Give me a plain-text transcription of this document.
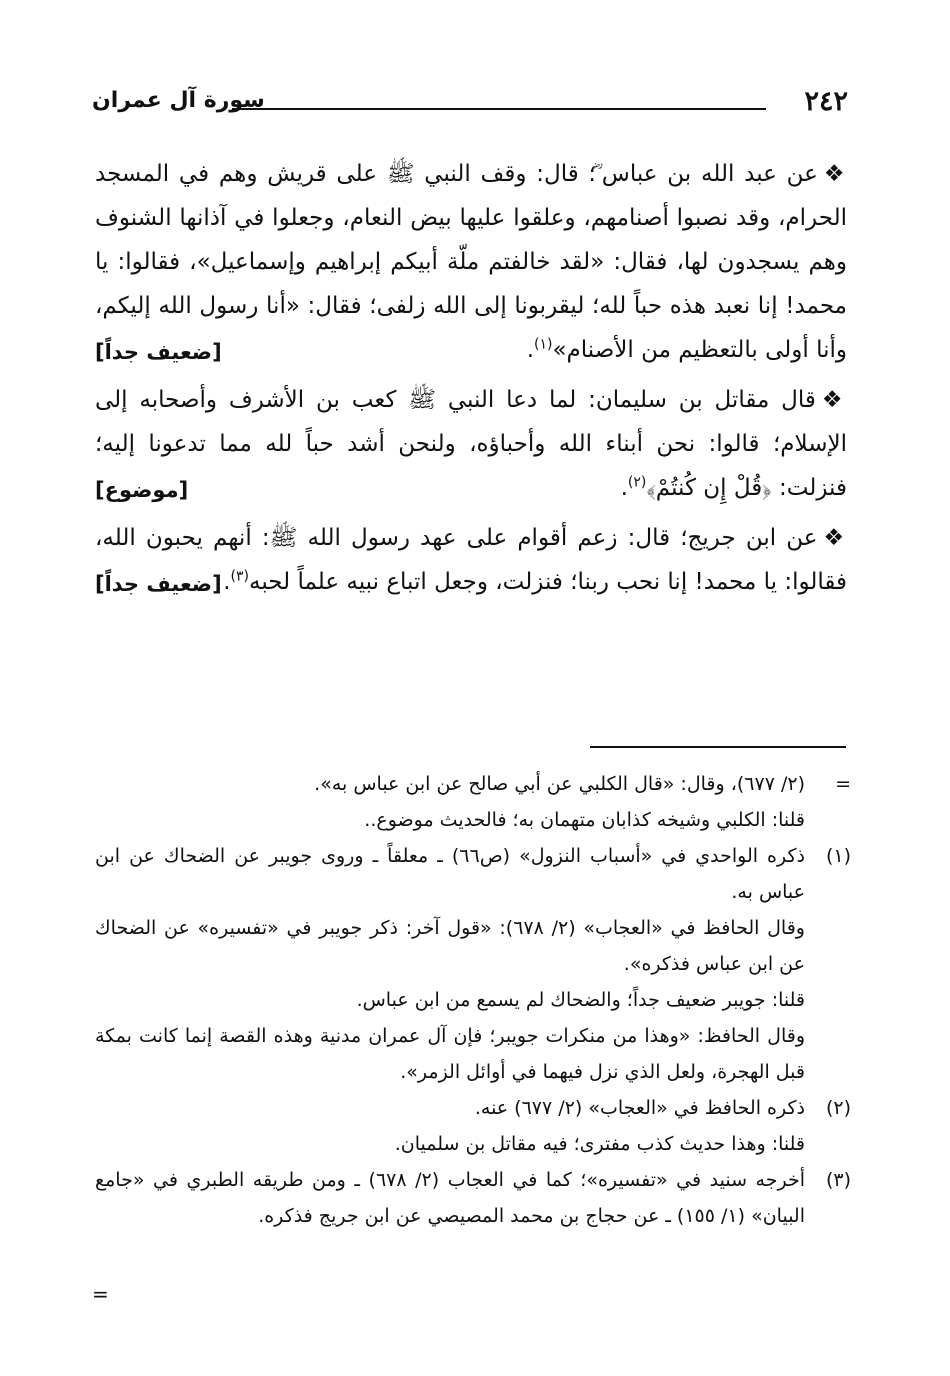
٢٤٢
سورة آل عمران

❖عن عبد الله بن عباس ؓ؛ قال: وقف النبي ﷺ على قريش وهم في المسجد الحرام، وقد نصبوا أصنامهم، وعلقوا عليها بيض النعام، وجعلوا في آذانها الشنوف وهم يسجدون لها، فقال: «لقد خالفتم ملّة أبيكم إبراهيم وإسماعيل»، فقالوا: يا محمد! إنا نعبد هذه حباً لله؛ ليقربونا إلى الله زلفى؛ فقال: «أنا رسول الله إليكم، وأنا أولى بالتعظيم من الأصنام»$^{(١)}$.
[ضعيف جداً]

❖قال مقاتل بن سليمان: لما دعا النبي ﷺ كعب بن الأشرف وأصحابه إلى الإسلام؛ قالوا: نحن أبناء الله وأحباؤه، ولنحن أشد حباً لله مما تدعونا إليه؛ فنزلت: ﴿قُلْ إِن كُنتُمْ﴾$^{(٢)}$.
[موضوع]

❖عن ابن جريج؛ قال: زعم أقوام على عهد رسول الله ﷺ: أنهم يحبون الله، فقالوا: يا محمد! إنا نحب ربنا؛ فنزلت، وجعل اتباع نبيه علماً لحبه$^{(٣)}$.
[ضعيف جداً]

=
(٢/ ٦٧٧)، وقال: «قال الكلبي عن أبي صالح عن ابن عباس به».

قلنا: الكلبي وشيخه كذابان متهمان به؛ فالحديث موضوع..

(١)
ذكره الواحدي في «أسباب النزول» (ص٦٦) ـ معلقاً ـ وروى جويبر عن الضحاك عن ابن عباس به.

وقال الحافظ في «العجاب» (٢/ ٦٧٨): «قول آخر: ذكر جويبر في «تفسيره» عن الضحاك عن ابن عباس فذكره».

قلنا: جويبر ضعيف جداً؛ والضحاك لم يسمع من ابن عباس.

وقال الحافظ: «وهذا من منكرات جويبر؛ فإن آل عمران مدنية وهذه القصة إنما كانت بمكة قبل الهجرة، ولعل الذي نزل فيهما في أوائل الزمر».

(٢)
ذكره الحافظ في «العجاب» (٢/ ٦٧٧) عنه.

قلنا: وهذا حديث كذب مفترى؛ فيه مقاتل بن سلميان.

(٣)
أخرجه سنيد في «تفسيره»؛ كما في العجاب (٢/ ٦٧٨) ـ ومن طريقه الطبري في «جامع البيان» (١/ ١٥٥) ـ عن حجاج بن محمد المصيصي عن ابن جريج فذكره.

=
